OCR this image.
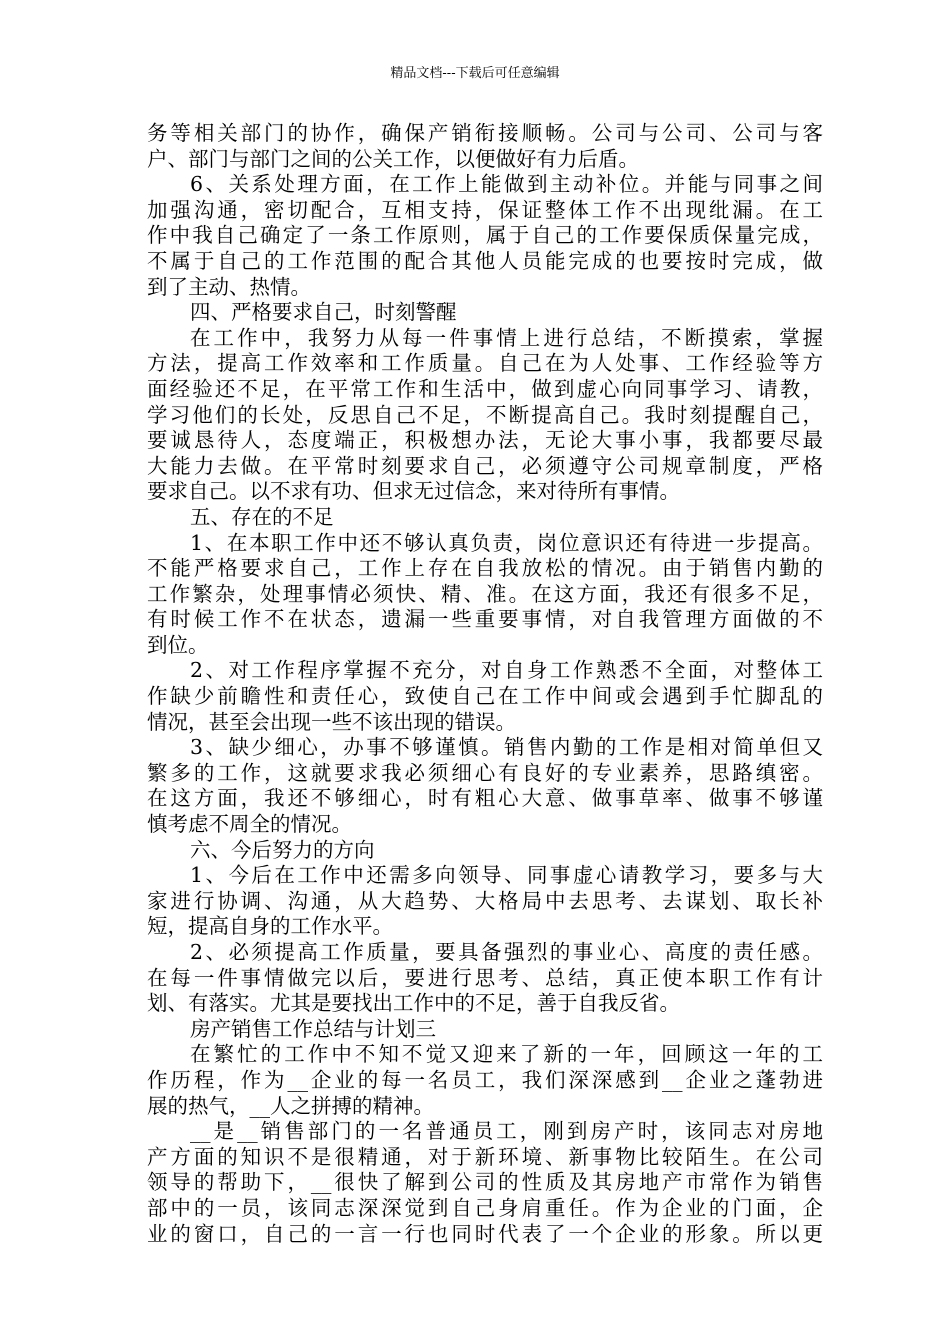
精品文档---下载后可任意编辑
务等相关部门的协作，确保产销衔接顺畅。公司与公司、公司与客
户、部门与部门之间的公关工作，以便做好有力后盾。
6、关系处理方面，在工作上能做到主动补位。并能与同事之间
加强沟通，密切配合，互相支持，保证整体工作不出现纰漏。在工
作中我自己确定了一条工作原则，属于自己的工作要保质保量完成，
不属于自己的工作范围的配合其他人员能完成的也要按时完成，做
到了主动、热情。
四、严格要求自己，时刻警醒
在工作中，我努力从每一件事情上进行总结，不断摸索，掌握
方法，提高工作效率和工作质量。自己在为人处事、工作经验等方
面经验还不足，在平常工作和生活中，做到虚心向同事学习、请教，
学习他们的长处，反思自己不足，不断提高自己。我时刻提醒自己，
要诚恳待人，态度端正，积极想办法，无论大事小事，我都要尽最
大能力去做。在平常时刻要求自己，必须遵守公司规章制度，严格
要求自己。以不求有功、但求无过信念，来对待所有事情。
五、存在的不足
1、在本职工作中还不够认真负责，岗位意识还有待进一步提高。
不能严格要求自己，工作上存在自我放松的情况。由于销售内勤的
工作繁杂，处理事情必须快、精、准。在这方面，我还有很多不足，
有时候工作不在状态，遗漏一些重要事情，对自我管理方面做的不
到位。
2、对工作程序掌握不充分，对自身工作熟悉不全面，对整体工
作缺少前瞻性和责任心，致使自己在工作中间或会遇到手忙脚乱的
情况，甚至会出现一些不该出现的错误。
3、缺少细心，办事不够谨慎。销售内勤的工作是相对简单但又
繁多的工作，这就要求我必须细心有良好的专业素养，思路缜密。
在这方面，我还不够细心，时有粗心大意、做事草率、做事不够谨
慎考虑不周全的情况。
六、今后努力的方向
1、今后在工作中还需多向领导、同事虚心请教学习，要多与大
家进行协调、沟通，从大趋势、大格局中去思考、去谋划、取长补
短，提高自身的工作水平。
2、必须提高工作质量，要具备强烈的事业心、高度的责任感。
在每一件事情做完以后，要进行思考、总结，真正使本职工作有计
划、有落实。尤其是要找出工作中的不足，善于自我反省。
房产销售工作总结与计划三
在繁忙的工作中不知不觉又迎来了新的一年，回顾这一年的工
作历程，作为__企业的每一名员工，我们深深感到__企业之蓬勃进
展的热气，__人之拼搏的精神。
__是__销售部门的一名普通员工，刚到房产时，该同志对房地
产方面的知识不是很精通，对于新环境、新事物比较陌生。在公司
领导的帮助下，__很快了解到公司的性质及其房地产市常作为销售
部中的一员，该同志深深觉到自己身肩重任。作为企业的门面，企
业的窗口，自己的一言一行也同时代表了一个企业的形象。所以更
